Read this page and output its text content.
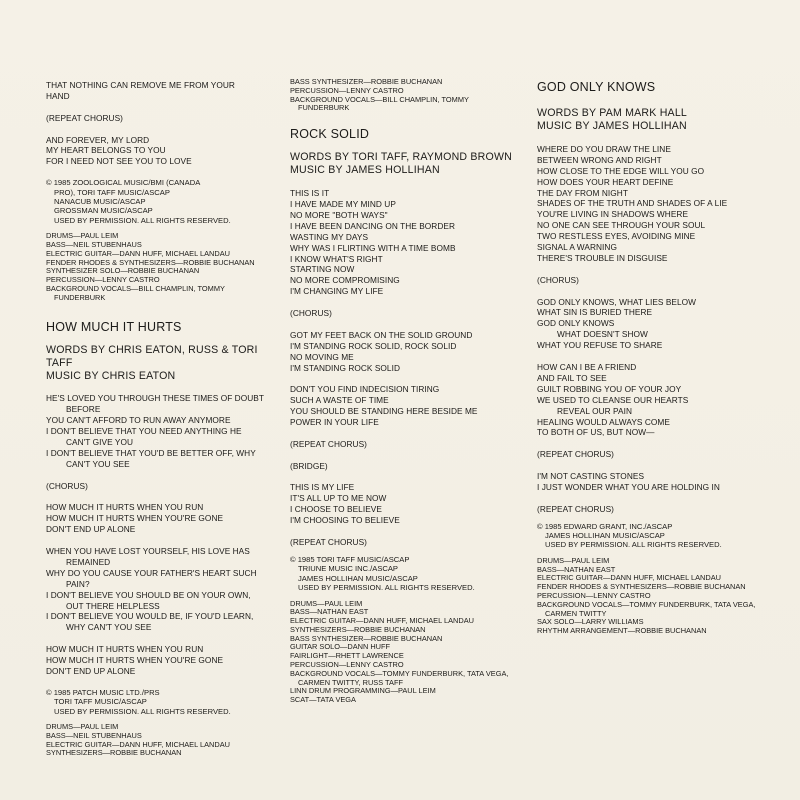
THAT NOTHING CAN REMOVE ME FROM YOUR
HAND
(REPEAT CHORUS)
AND FOREVER, MY LORD
MY HEART BELONGS TO YOU
FOR I NEED NOT SEE YOU TO LOVE
© 1985 ZOOLOGICAL MUSIC/BMI (CANADA
PRO), TORI TAFF MUSIC/ASCAP
NANACUB MUSIC/ASCAP
GROSSMAN MUSIC/ASCAP
USED BY PERMISSION. ALL RIGHTS RESERVED.
DRUMS—PAUL LEIM
BASS—NEIL STUBENHAUS
ELECTRIC GUITAR—DANN HUFF, MICHAEL LANDAU
FENDER RHODES & SYNTHESIZERS—ROBBIE BUCHANAN
SYNTHESIZER SOLO—ROBBIE BUCHANAN
PERCUSSION—LENNY CASTRO
BACKGROUND VOCALS—BILL CHAMPLIN, TOMMY
FUNDERBURK
HOW MUCH IT HURTS
WORDS BY CHRIS EATON, RUSS & TORI
TAFF
MUSIC BY CHRIS EATON
HE'S LOVED YOU THROUGH THESE TIMES OF DOUBT
BEFORE
YOU CAN'T AFFORD TO RUN AWAY ANYMORE
I DON'T BELIEVE THAT YOU NEED ANYTHING HE
CAN'T GIVE YOU
I DON'T BELIEVE THAT YOU'D BE BETTER OFF, WHY
CAN'T YOU SEE
(CHORUS)
HOW MUCH IT HURTS WHEN YOU RUN
HOW MUCH IT HURTS WHEN YOU'RE GONE
DON'T END UP ALONE
WHEN YOU HAVE LOST YOURSELF, HIS LOVE HAS
REMAINED
WHY DO YOU CAUSE YOUR FATHER'S HEART SUCH
PAIN?
I DON'T BELIEVE YOU SHOULD BE ON YOUR OWN,
OUT THERE HELPLESS
I DON'T BELIEVE YOU WOULD BE, IF YOU'D LEARN,
WHY CAN'T YOU SEE
HOW MUCH IT HURTS WHEN YOU RUN
HOW MUCH IT HURTS WHEN YOU'RE GONE
DON'T END UP ALONE
© 1985 PATCH MUSIC LTD./PRS
TORI TAFF MUSIC/ASCAP
USED BY PERMISSION. ALL RIGHTS RESERVED.
DRUMS—PAUL LEIM
BASS—NEIL STUBENHAUS
ELECTRIC GUITAR—DANN HUFF, MICHAEL LANDAU
SYNTHESIZERS—ROBBIE BUCHANAN
BASS SYNTHESIZER—ROBBIE BUCHANAN
PERCUSSION—LENNY CASTRO
BACKGROUND VOCALS—BILL CHAMPLIN, TOMMY
FUNDERBURK
ROCK SOLID
WORDS BY TORI TAFF, RAYMOND BROWN
MUSIC BY JAMES HOLLIHAN
THIS IS IT
I HAVE MADE MY MIND UP
NO MORE "BOTH WAYS"
I HAVE BEEN DANCING ON THE BORDER
WASTING MY DAYS
WHY WAS I FLIRTING WITH A TIME BOMB
I KNOW WHAT'S RIGHT
STARTING NOW
NO MORE COMPROMISING
I'M CHANGING MY LIFE
(CHORUS)
GOT MY FEET BACK ON THE SOLID GROUND
I'M STANDING ROCK SOLID, ROCK SOLID
NO MOVING ME
I'M STANDING ROCK SOLID
DON'T YOU FIND INDECISION TIRING
SUCH A WASTE OF TIME
YOU SHOULD BE STANDING HERE BESIDE ME
POWER IN YOUR LIFE
(REPEAT CHORUS)
(BRIDGE)
THIS IS MY LIFE
IT'S ALL UP TO ME NOW
I CHOOSE TO BELIEVE
I'M CHOOSING TO BELIEVE
(REPEAT CHORUS)
© 1985 TORI TAFF MUSIC/ASCAP
TRIUNE MUSIC INC./ASCAP
JAMES HOLLIHAN MUSIC/ASCAP
USED BY PERMISSION. ALL RIGHTS RESERVED.
DRUMS—PAUL LEIM
BASS—NATHAN EAST
ELECTRIC GUITAR—DANN HUFF, MICHAEL LANDAU
SYNTHESIZERS—ROBBIE BUCHANAN
BASS SYNTHESIZER—ROBBIE BUCHANAN
GUITAR SOLO—DANN HUFF
FAIRLIGHT—RHETT LAWRENCE
PERCUSSION—LENNY CASTRO
BACKGROUND VOCALS—TOMMY FUNDERBURK, TATA VEGA,
CARMEN TWITTY, RUSS TAFF
LINN DRUM PROGRAMMING—PAUL LEIM
SCAT—TATA VEGA
GOD ONLY KNOWS
WORDS BY PAM MARK HALL
MUSIC BY JAMES HOLLIHAN
WHERE DO YOU DRAW THE LINE
BETWEEN WRONG AND RIGHT
HOW CLOSE TO THE EDGE WILL YOU GO
HOW DOES YOUR HEART DEFINE
THE DAY FROM NIGHT
SHADES OF THE TRUTH AND SHADES OF A LIE
YOU'RE LIVING IN SHADOWS WHERE
NO ONE CAN SEE THROUGH YOUR SOUL
TWO RESTLESS EYES, AVOIDING MINE
SIGNAL A WARNING
THERE'S TROUBLE IN DISGUISE
(CHORUS)
GOD ONLY KNOWS, WHAT LIES BELOW
WHAT SIN IS BURIED THERE
GOD ONLY KNOWS
WHAT DOESN'T SHOW
WHAT YOU REFUSE TO SHARE
HOW CAN I BE A FRIEND
AND FAIL TO SEE
GUILT ROBBING YOU OF YOUR JOY
WE USED TO CLEANSE OUR HEARTS
REVEAL OUR PAIN
HEALING WOULD ALWAYS COME
TO BOTH OF US, BUT NOW—
(REPEAT CHORUS)
I'M NOT CASTING STONES
I JUST WONDER WHAT YOU ARE HOLDING IN
(REPEAT CHORUS)
© 1985 EDWARD GRANT, INC./ASCAP
JAMES HOLLIHAN MUSIC/ASCAP
USED BY PERMISSION. ALL RIGHTS RESERVED.
DRUMS—PAUL LEIM
BASS—NATHAN EAST
ELECTRIC GUITAR—DANN HUFF, MICHAEL LANDAU
FENDER RHODES & SYNTHESIZERS—ROBBIE BUCHANAN
PERCUSSION—LENNY CASTRO
BACKGROUND VOCALS—TOMMY FUNDERBURK, TATA VEGA,
CARMEN TWITTY
SAX SOLO—LARRY WILLIAMS
RHYTHM ARRANGEMENT—ROBBIE BUCHANAN
